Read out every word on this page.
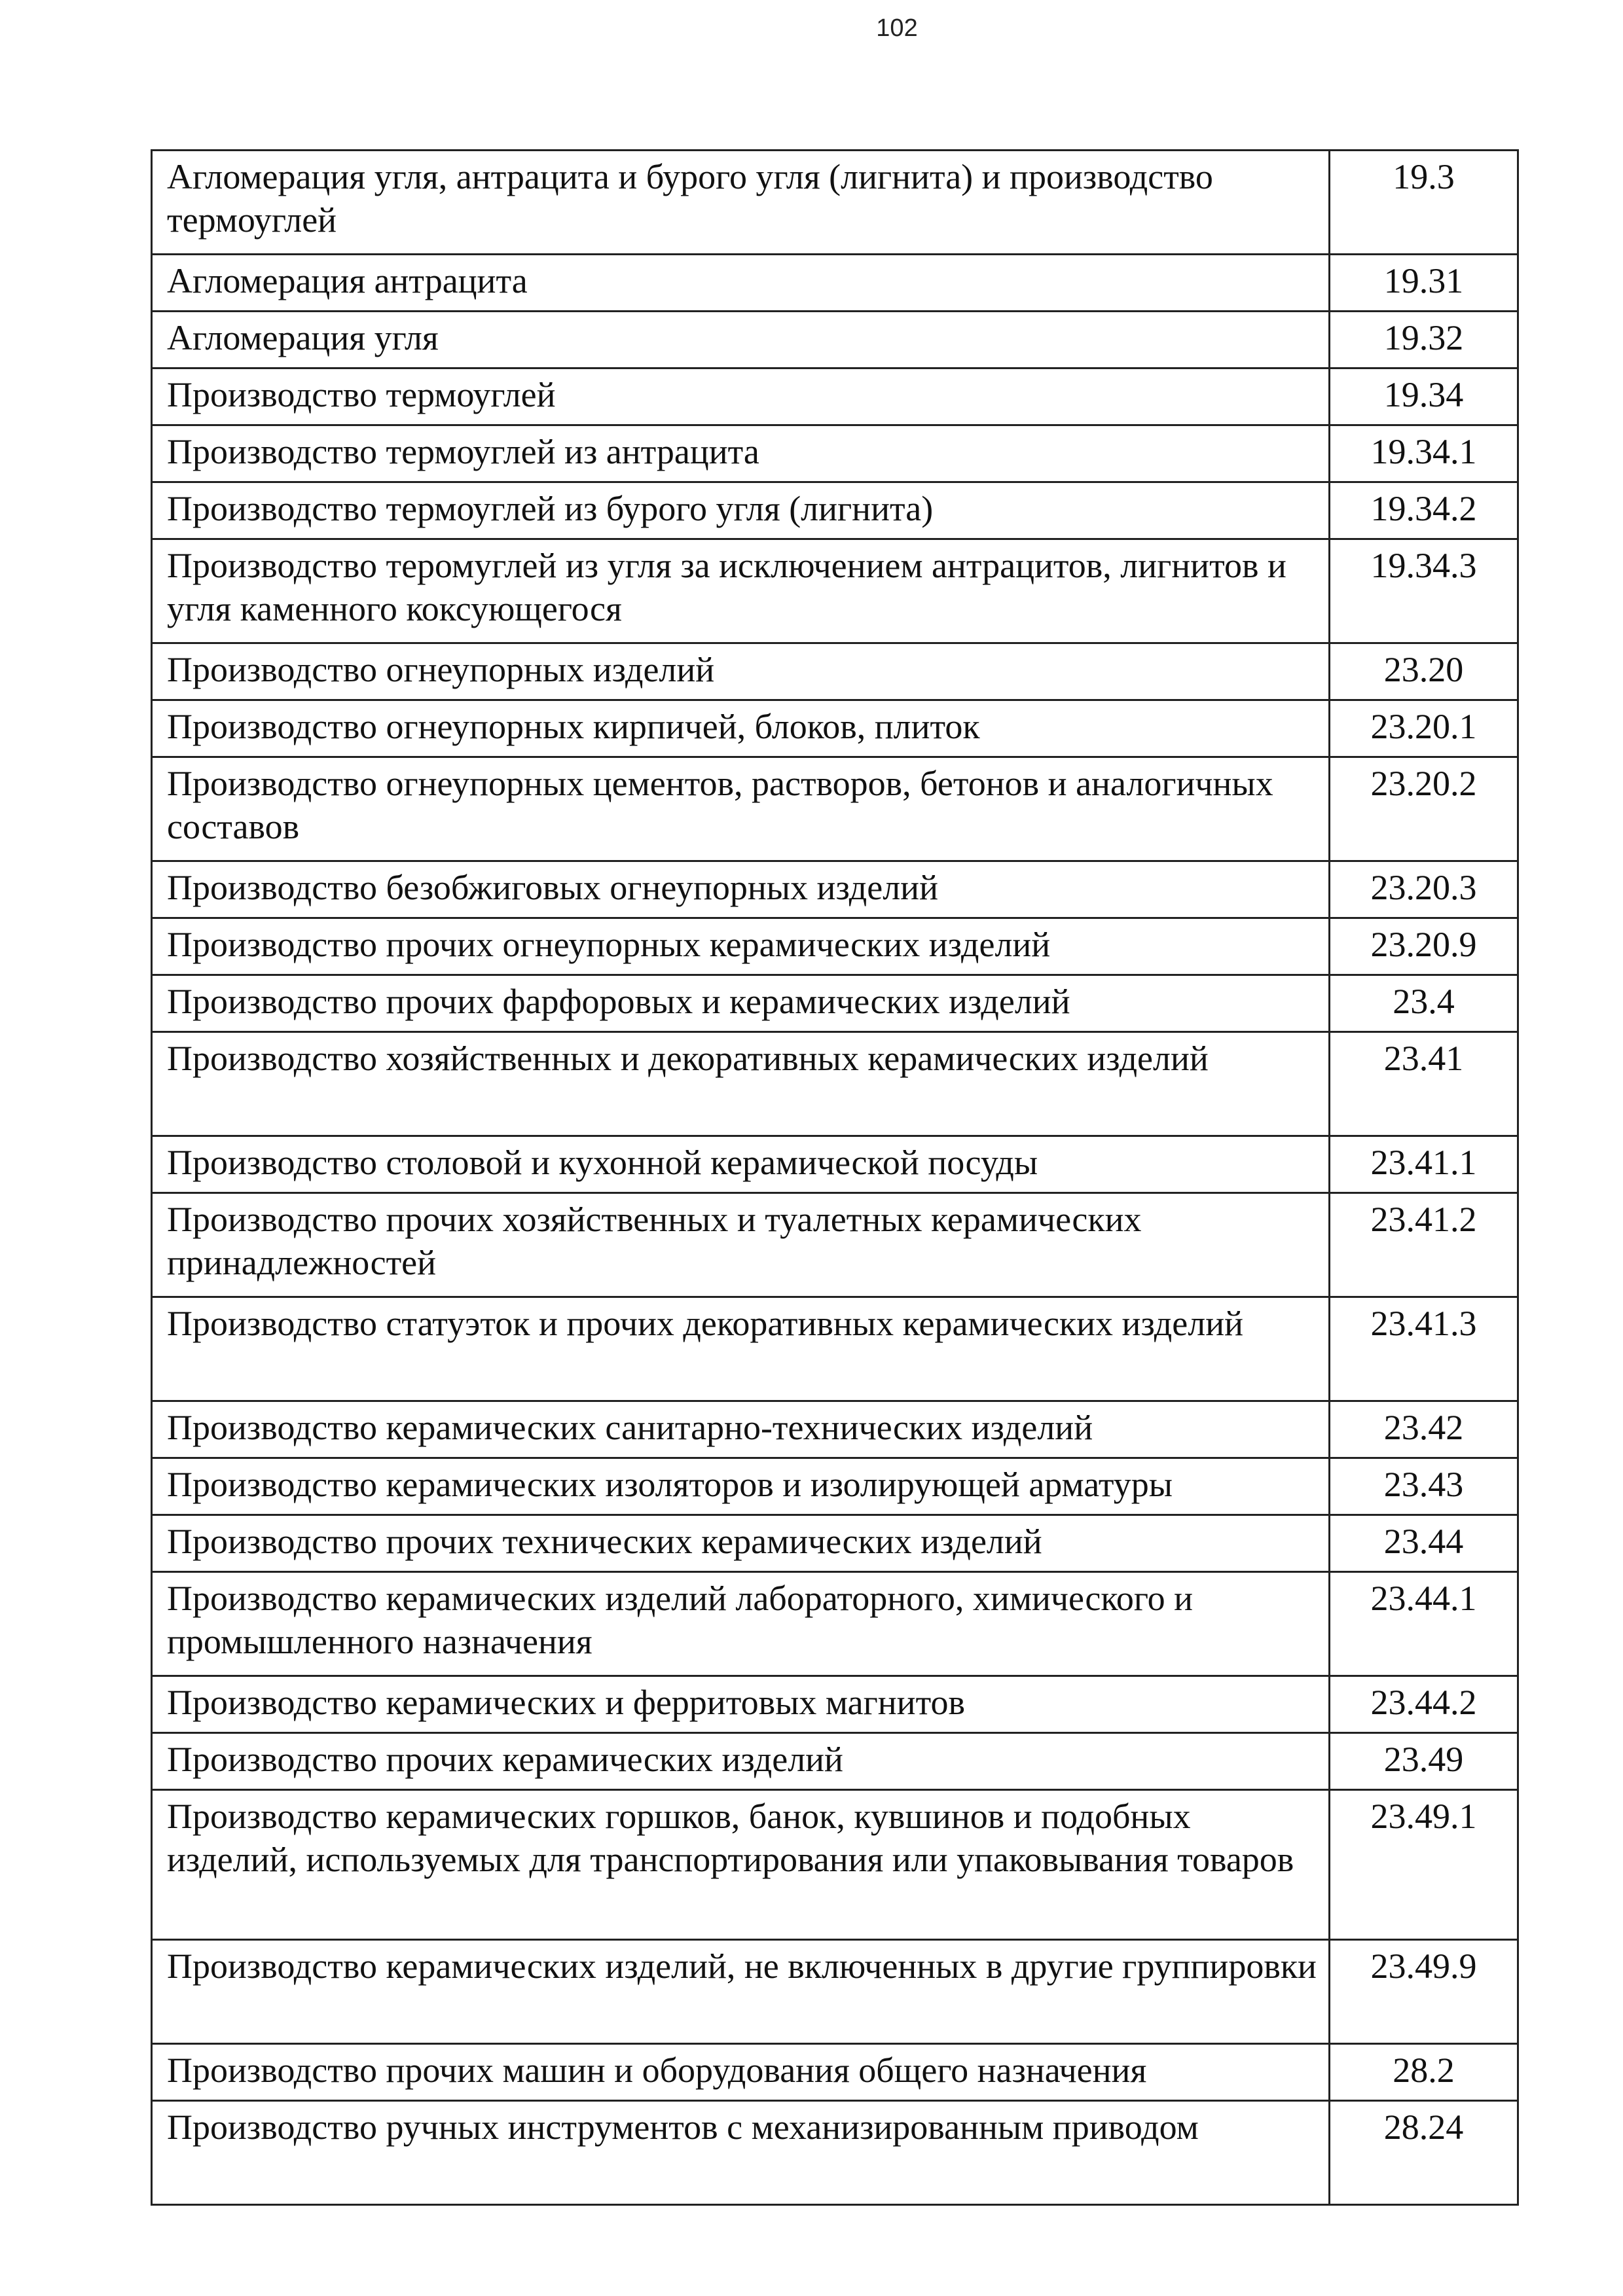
102
Агломерация угля, антрацита и бурого угля (лигнита) и производство термоуглей	19.3
Агломерация антрацита	19.31
Агломерация угля	19.32
Производство термоуглей	19.34
Производство термоуглей из антрацита	19.34.1
Производство термоуглей из бурого угля (лигнита)	19.34.2
Производство теромуглей из угля за исключением антрацитов, лигнитов и угля каменного коксующегося	19.34.3
Производство огнеупорных изделий	23.20
Производство огнеупорных кирпичей, блоков, плиток	23.20.1
Производство огнеупорных цементов, растворов, бетонов и аналогичных составов	23.20.2
Производство безобжиговых огнеупорных изделий	23.20.3
Производство прочих огнеупорных керамических изделий	23.20.9
Производство прочих фарфоровых и керамических изделий	23.4
Производство хозяйственных и декоративных керамических изделий	23.41
Производство столовой и кухонной керамической посуды	23.41.1
Производство прочих хозяйственных и туалетных керамических принадлежностей	23.41.2
Производство статуэток и прочих декоративных керамических изделий	23.41.3
Производство керамических санитарно-технических изделий	23.42
Производство керамических изоляторов и изолирующей арматуры	23.43
Производство прочих технических керамических изделий	23.44
Производство керамических изделий лабораторного, химического и промышленного назначения	23.44.1
Производство керамических и ферритовых магнитов	23.44.2
Производство прочих керамических изделий	23.49
Производство керамических горшков, банок, кувшинов и подобных изделий, используемых для транспортирования или упаковывания товаров	23.49.1
Производство керамических изделий, не включенных в другие группировки	23.49.9
Производство прочих машин и оборудования общего назначения	28.2
Производство ручных инструментов с механизированным приводом	28.24
